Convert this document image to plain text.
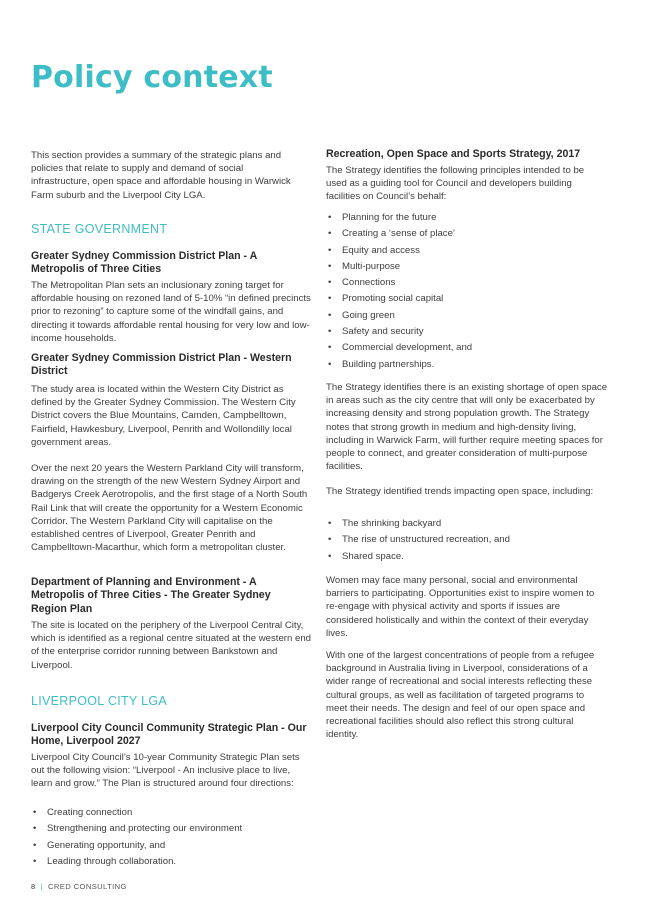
Policy context

This section provides a summary of the strategic plans and policies that relate to supply and demand of social infrastructure, open space and affordable housing in Warwick Farm suburb and the Liverpool City LGA.

STATE GOVERNMENT
Greater Sydney Commission District Plan - A Metropolis of Three Cities

The Metropolitan Plan sets an inclusionary zoning target for affordable housing on rezoned land of 5-10% “in defined precincts prior to rezoning” to capture some of the windfall gains, and directing it towards affordable rental housing for very low and low-income households.

Greater Sydney Commission District Plan - Western District

The study area is located within the Western City District as defined by the Greater Sydney Commission. The Western City District covers the Blue Mountains, Camden, Campbelltown, Fairfield, Hawkesbury, Liverpool, Penrith and Wollondilly local government areas.

Over the next 20 years the Western Parkland City will transform, drawing on the strength of the new Western Sydney Airport and Badgerys Creek Aerotropolis, and the first stage of a North South Rail Link that will create the opportunity for a Western Economic Corridor. The Western Parkland City will capitalise on the established centres of Liverpool, Greater Penrith and Campbelltown-Macarthur, which form a metropolitan cluster.

Department of Planning and Environment - A Metropolis of Three Cities - The Greater Sydney Region Plan

The site is located on the periphery of the Liverpool Central City, which is identified as a regional centre situated at the western end of the enterprise corridor running between Bankstown and Liverpool.

LIVERPOOL CITY LGA
Liverpool City Council Community Strategic Plan - Our Home, Liverpool 2027

Liverpool City Council’s 10-year Community Strategic Plan sets out the following vision: “Liverpool - An inclusive place to live, learn and grow.” The Plan is structured around four directions:

• Creating connection
• Strengthening and protecting our environment
• Generating opportunity, and
• Leading through collaboration.
Recreation, Open Space and Sports Strategy, 2017

The Strategy identifies the following principles intended to be used as a guiding tool for Council and developers building facilities on Council’s behalf:

• Planning for the future
• Creating a ‘sense of place’
• Equity and access
• Multi-purpose
• Connections
• Promoting social capital
• Going green
• Safety and security
• Commercial development, and
• Building partnerships.

The Strategy identifies there is an existing shortage of open space in areas such as the city centre that will only be exacerbated by increasing density and strong population growth. The Strategy notes that strong growth in medium and high-density living, including in Warwick Farm, will further require meeting spaces for people to connect, and greater consideration of multi-purpose facilities.

The Strategy identified trends impacting open space, including:

• The shrinking backyard
• The rise of unstructured recreation, and
• Shared space.

Women may face many personal, social and environmental barriers to participating. Opportunities exist to inspire women to re-engage with physical activity and sports if issues are considered holistically and within the context of their everyday lives.

With one of the largest concentrations of people from a refugee background in Australia living in Liverpool, considerations of a wider range of recreational and social interests reflecting these cultural groups, as well as facilitation of targeted programs to meet their needs. The design and feel of our open space and recreational facilities should also reflect this strong cultural identity.

8 | CRED CONSULTING
